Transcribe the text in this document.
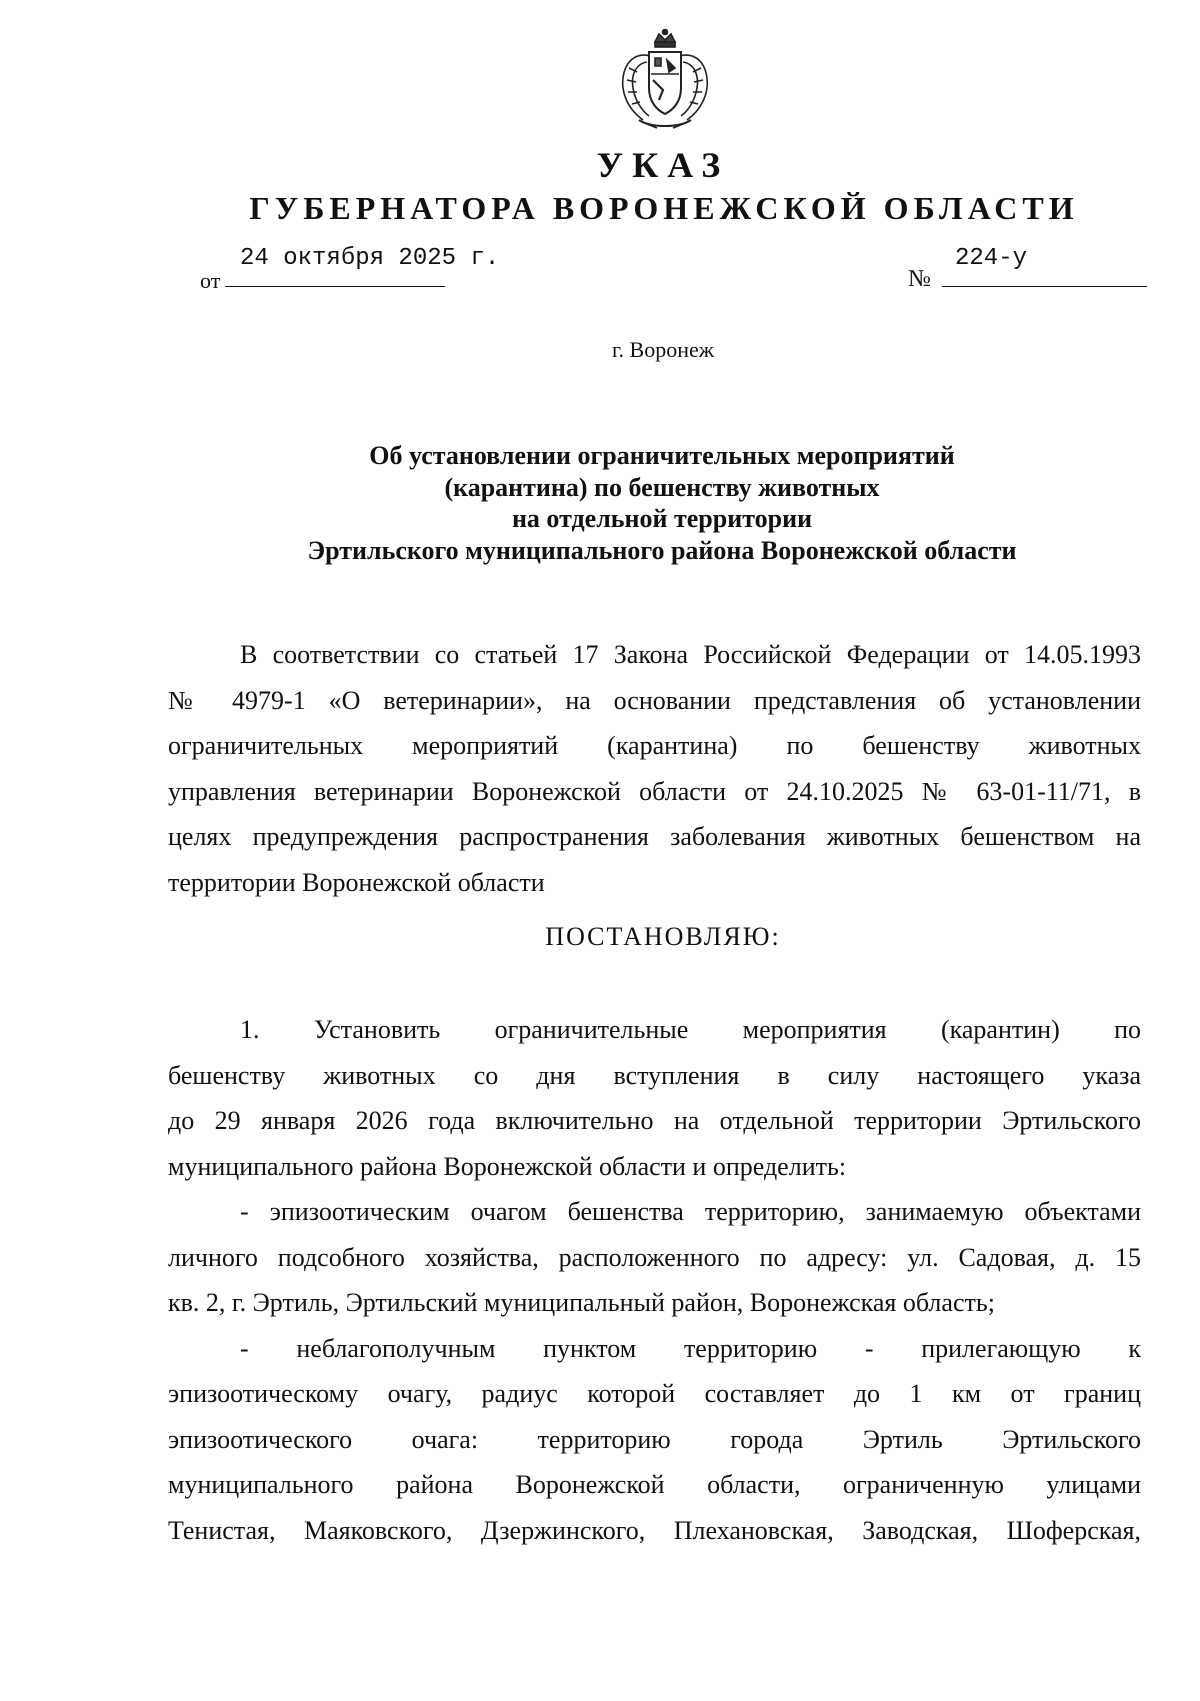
УКАЗ
ГУБЕРНАТОРА ВОРОНЕЖСКОЙ ОБЛАСТИ
от
24 октября 2025 г.
№
224-у
г. Воронеж
Об установлении ограничительных мероприятий
(карантина) по бешенству животных
на отдельной территории
Эртильского муниципального района Воронежской области
В соответствии со статьей 17 Закона Российской Федерации от 14.05.1993
№ 4979-1 «О ветеринарии», на основании представления об установлении
ограничительных мероприятий (карантина) по бешенству животных
управления ветеринарии Воронежской области от 24.10.2025 № 63-01-11/71, в
целях предупреждения распространения заболевания животных бешенством на
территории Воронежской области
ПОСТАНОВЛЯЮ:
1. Установить ограничительные мероприятия (карантин) по
бешенству животных со дня вступления в силу настоящего указа
до 29 января 2026 года включительно на отдельной территории Эртильского
муниципального района Воронежской области и определить:
- эпизоотическим очагом бешенства территорию, занимаемую объектами
личного подсобного хозяйства, расположенного по адресу: ул. Садовая, д. 15
кв. 2, г. Эртиль, Эртильский муниципальный район, Воронежская область;
- неблагополучным пунктом территорию - прилегающую к
эпизоотическому очагу, радиус которой составляет до 1 км от границ
эпизоотического очага: территорию города Эртиль Эртильского
муниципального района Воронежской области, ограниченную улицами
Тенистая, Маяковского, Дзержинского, Плехановская, Заводская, Шоферская,
